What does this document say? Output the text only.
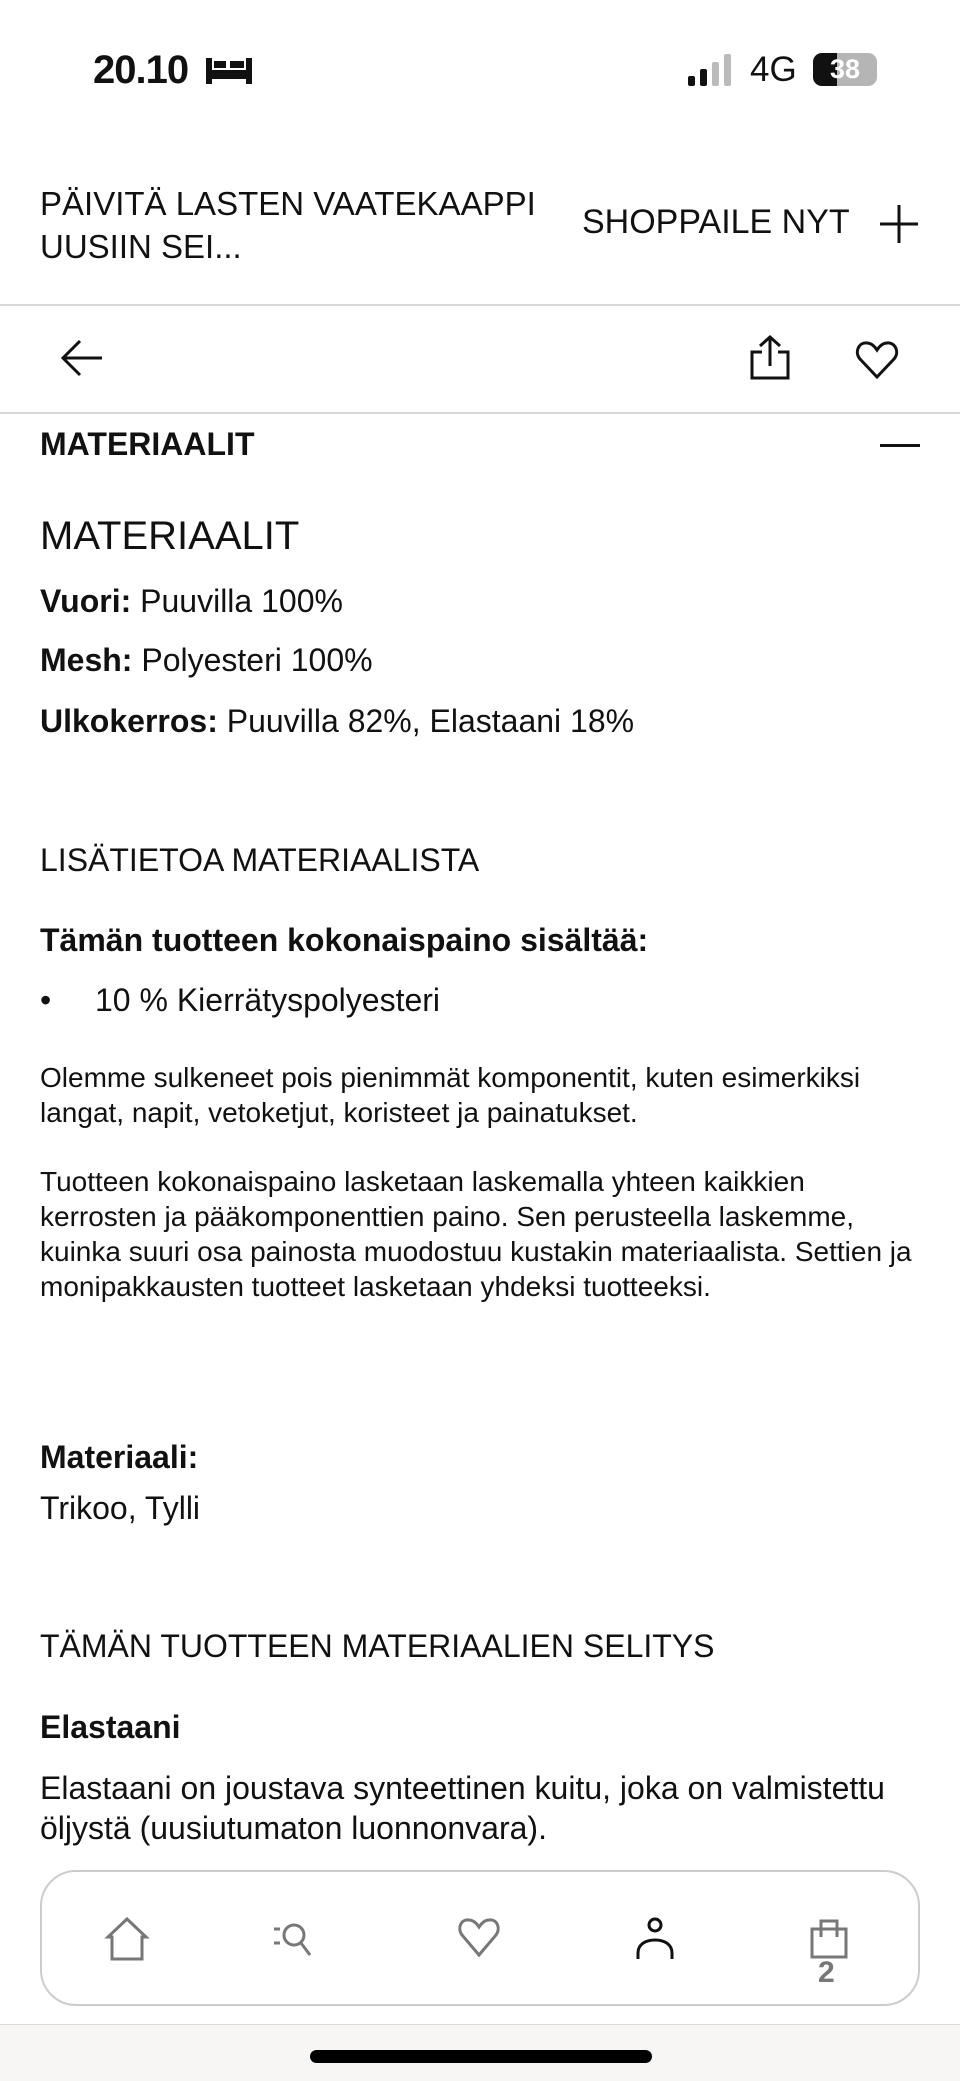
20.10	4G	38
PÄIVITÄ LASTEN VAATEKAAPPI UUSIIN SEI...
SHOPPAILE NYT
MATERIAALIT
MATERIAALIT
Vuori: Puuvilla 100%
Mesh: Polyesteri 100%
Ulkokerros: Puuvilla 82%, Elastaani 18%
LISÄTIETOA MATERIAALISTA
Tämän tuotteen kokonaispaino sisältää:
• 10 % Kierrätyspolyesteri
Olemme sulkeneet pois pienimmät komponentit, kuten esimerkiksi langat, napit, vetoketjut, koristeet ja painatukset.
Tuotteen kokonaispaino lasketaan laskemalla yhteen kaikkien kerrosten ja pääkomponenttien paino. Sen perusteella laskemme, kuinka suuri osa painosta muodostuu kustakin materiaalista. Settien ja monipakkausten tuotteet lasketaan yhdeksi tuotteeksi.
Materiaali:
Trikoo, Tylli
TÄMÄN TUOTTEEN MATERIAALIEN SELITYS
Elastaani
Elastaani on joustava synteettinen kuitu, joka on valmistettu öljystä (uusiutumaton luonnonvara).
2
